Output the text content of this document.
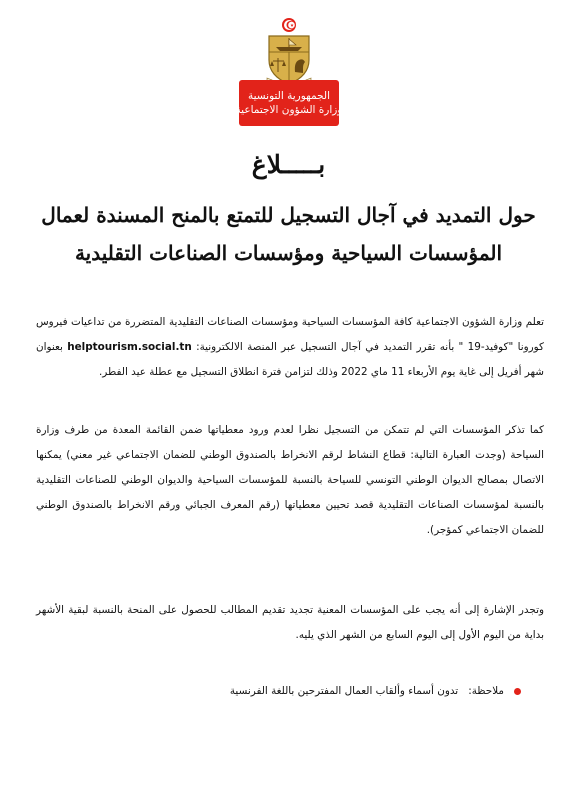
الجمهورية التونسية
وزارة الشؤون الاجتماعية
بـــــلاغ
حول التمديد في آجال التسجيل للتمتع بالمنح المسندة لعمال
المؤسسات السياحية ومؤسسات الصناعات التقليدية
تعلم وزارة الشؤون الاجتماعية كافة المؤسسات السياحية ومؤسسات الصناعات التقليدية المتضررة من تداعيات فيروس كورونا "كوفيد-19 " بأنه تقرر التمديد في آجال التسجيل عبر المنصة الالكترونية: helptourism.social.tn بعنوان شهر أفريل إلى غاية يوم الأربعاء 11 ماي 2022 وذلك لتزامن فترة انطلاق التسجيل مع عطلة عيد الفطر.
كما تذكر المؤسسات التي لم تتمكن من التسجيل نظرا لعدم ورود معطياتها ضمن القائمة المعدة من طرف وزارة السياحة (وجدت العبارة التالية: قطاع النشاط لرقم الانخراط بالصندوق الوطني للضمان الاجتماعي غير معني) يمكنها الاتصال بمصالح الديوان الوطني التونسي للسياحة بالنسبة للمؤسسات السياحية والديوان الوطني للصناعات التقليدية بالنسبة لمؤسسات الصناعات التقليدية قصد تحيين معطياتها (رقم المعرف الجبائي ورقم الانخراط بالصندوق الوطني للضمان الاجتماعي كمؤجر).
وتجدر الإشارة إلى أنه يجب على المؤسسات المعنية تجديد تقديم المطالب للحصول على المنحة بالنسبة لبقية الأشهر بداية من اليوم الأول إلى اليوم السابع من الشهر الذي يليه.
ملاحظة:
تدون أسماء وألقاب العمال المفترحين باللغة الفرنسية
